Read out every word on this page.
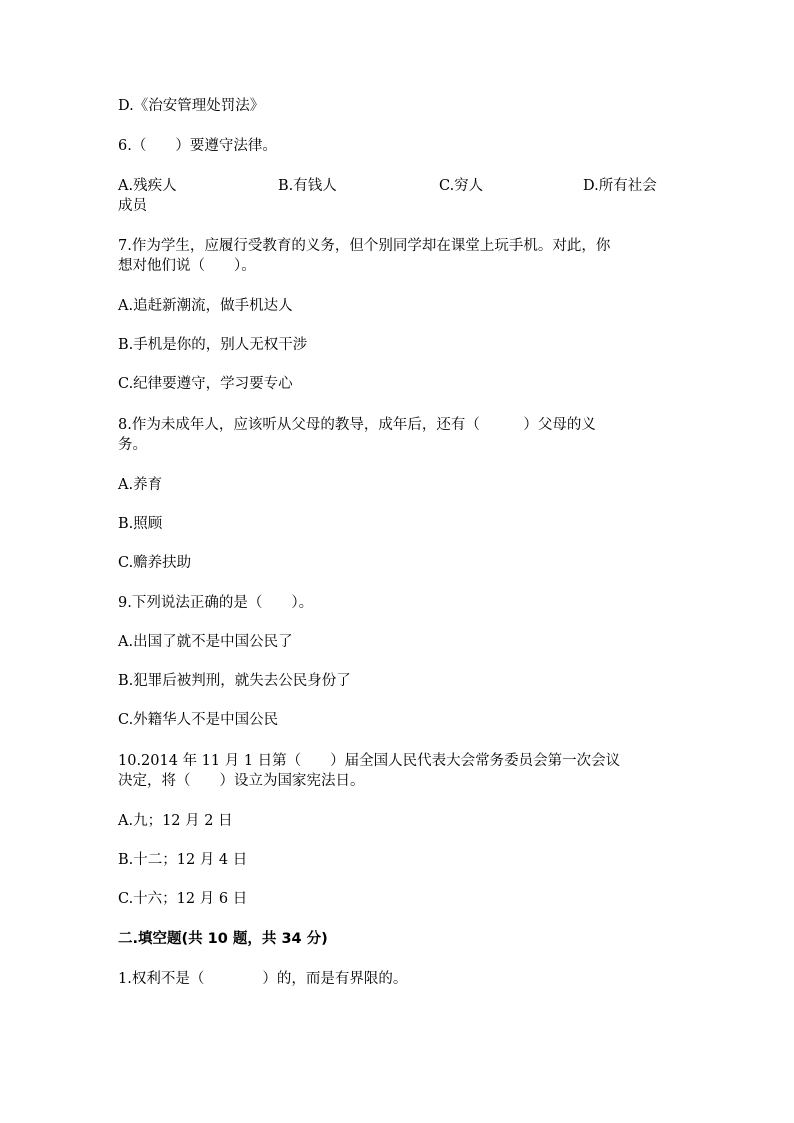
D.《治安管理处罚法》
6.（　　）要遵守法律。
A.残疾人	B.有钱人	C.穷人	D.所有社会
成员
7.作为学生，应履行受教育的义务，但个别同学却在课堂上玩手机。对此，你
想对他们说（　　）。
A.追赶新潮流，做手机达人
B.手机是你的，别人无权干涉
C.纪律要遵守，学习要专心
8.作为未成年人，应该听从父母的教导，成年后，还有（　　　）父母的义
务。
A.养育
B.照顾
C.赡养扶助
9.下列说法正确的是（　　）。
A.出国了就不是中国公民了
B.犯罪后被判刑，就失去公民身份了
C.外籍华人不是中国公民
10.2014 年 11 月 1 日第（　　）届全国人民代表大会常务委员会第一次会议
决定，将（　　）设立为国家宪法日。
A.九；12 月 2 日
B.十二；12 月 4 日
C.十六；12 月 6 日
二.填空题(共 10 题，共 34 分)
1.权利不是（　　　　）的，而是有界限的。
